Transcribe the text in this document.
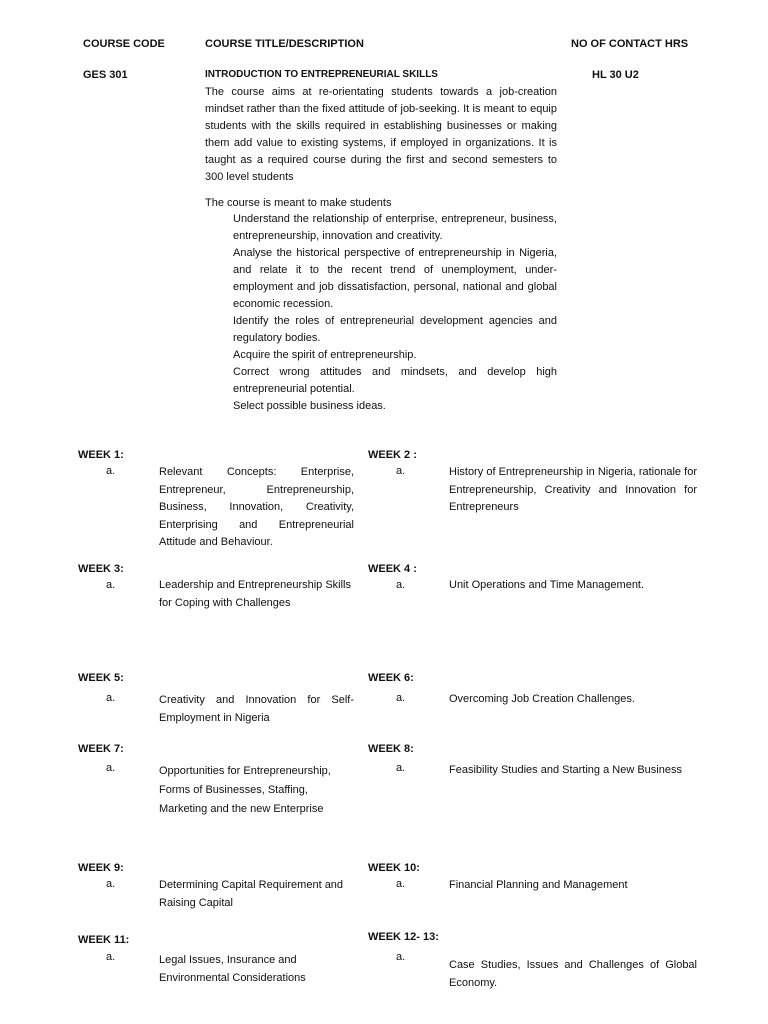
COURSE CODE	COURSE TITLE/DESCRIPTION	NO OF CONTACT HRS
GES 301	INTRODUCTION TO ENTREPRENEURIAL SKILLS	HL 30 U2
The course aims at re-orientating students towards a job-creation mindset rather than the fixed attitude of job-seeking. It is meant to equip students with the skills required in establishing businesses or making them add value to existing systems, if employed in organizations. It is taught as a required course during the first and second semesters to 300 level students
The course is meant to make students
Understand the relationship of enterprise, entrepreneur, business, entrepreneurship, innovation and creativity.
Analyse the historical perspective of entrepreneurship in Nigeria, and relate it to the recent trend of unemployment, under-employment and job dissatisfaction, personal, national and global economic recession.
Identify the roles of entrepreneurial development agencies and regulatory bodies.
Acquire the spirit of entrepreneurship.
Correct wrong attitudes and mindsets, and develop high entrepreneurial potential.
Select possible business ideas.
WEEK 1:
a.	Relevant Concepts: Enterprise, Entrepreneur, Entrepreneurship, Business, Innovation, Creativity, Enterprising and Entrepreneurial Attitude and Behaviour.
WEEK 2 :
a.	History of Entrepreneurship in Nigeria, rationale for Entrepreneurship, Creativity and Innovation for Entrepreneurs
WEEK 3:
a.	Leadership and Entrepreneurship Skills for Coping with Challenges
WEEK 4 :
a.	Unit Operations and Time Management.
WEEK 5:
a.	Creativity and Innovation for Self-Employment in Nigeria
WEEK 6:
a.	Overcoming Job Creation Challenges.
WEEK 7:
a.	Opportunities for Entrepreneurship, Forms of Businesses, Staffing, Marketing and the new Enterprise
WEEK 8:
a.	Feasibility Studies and Starting a New Business
WEEK 9:
a.	Determining Capital Requirement and Raising Capital
WEEK 10:
a.	Financial Planning and Management
WEEK 11:
a.	Legal Issues, Insurance and Environmental Considerations
WEEK 12- 13:
a.
Case Studies, Issues and Challenges of Global Economy.
